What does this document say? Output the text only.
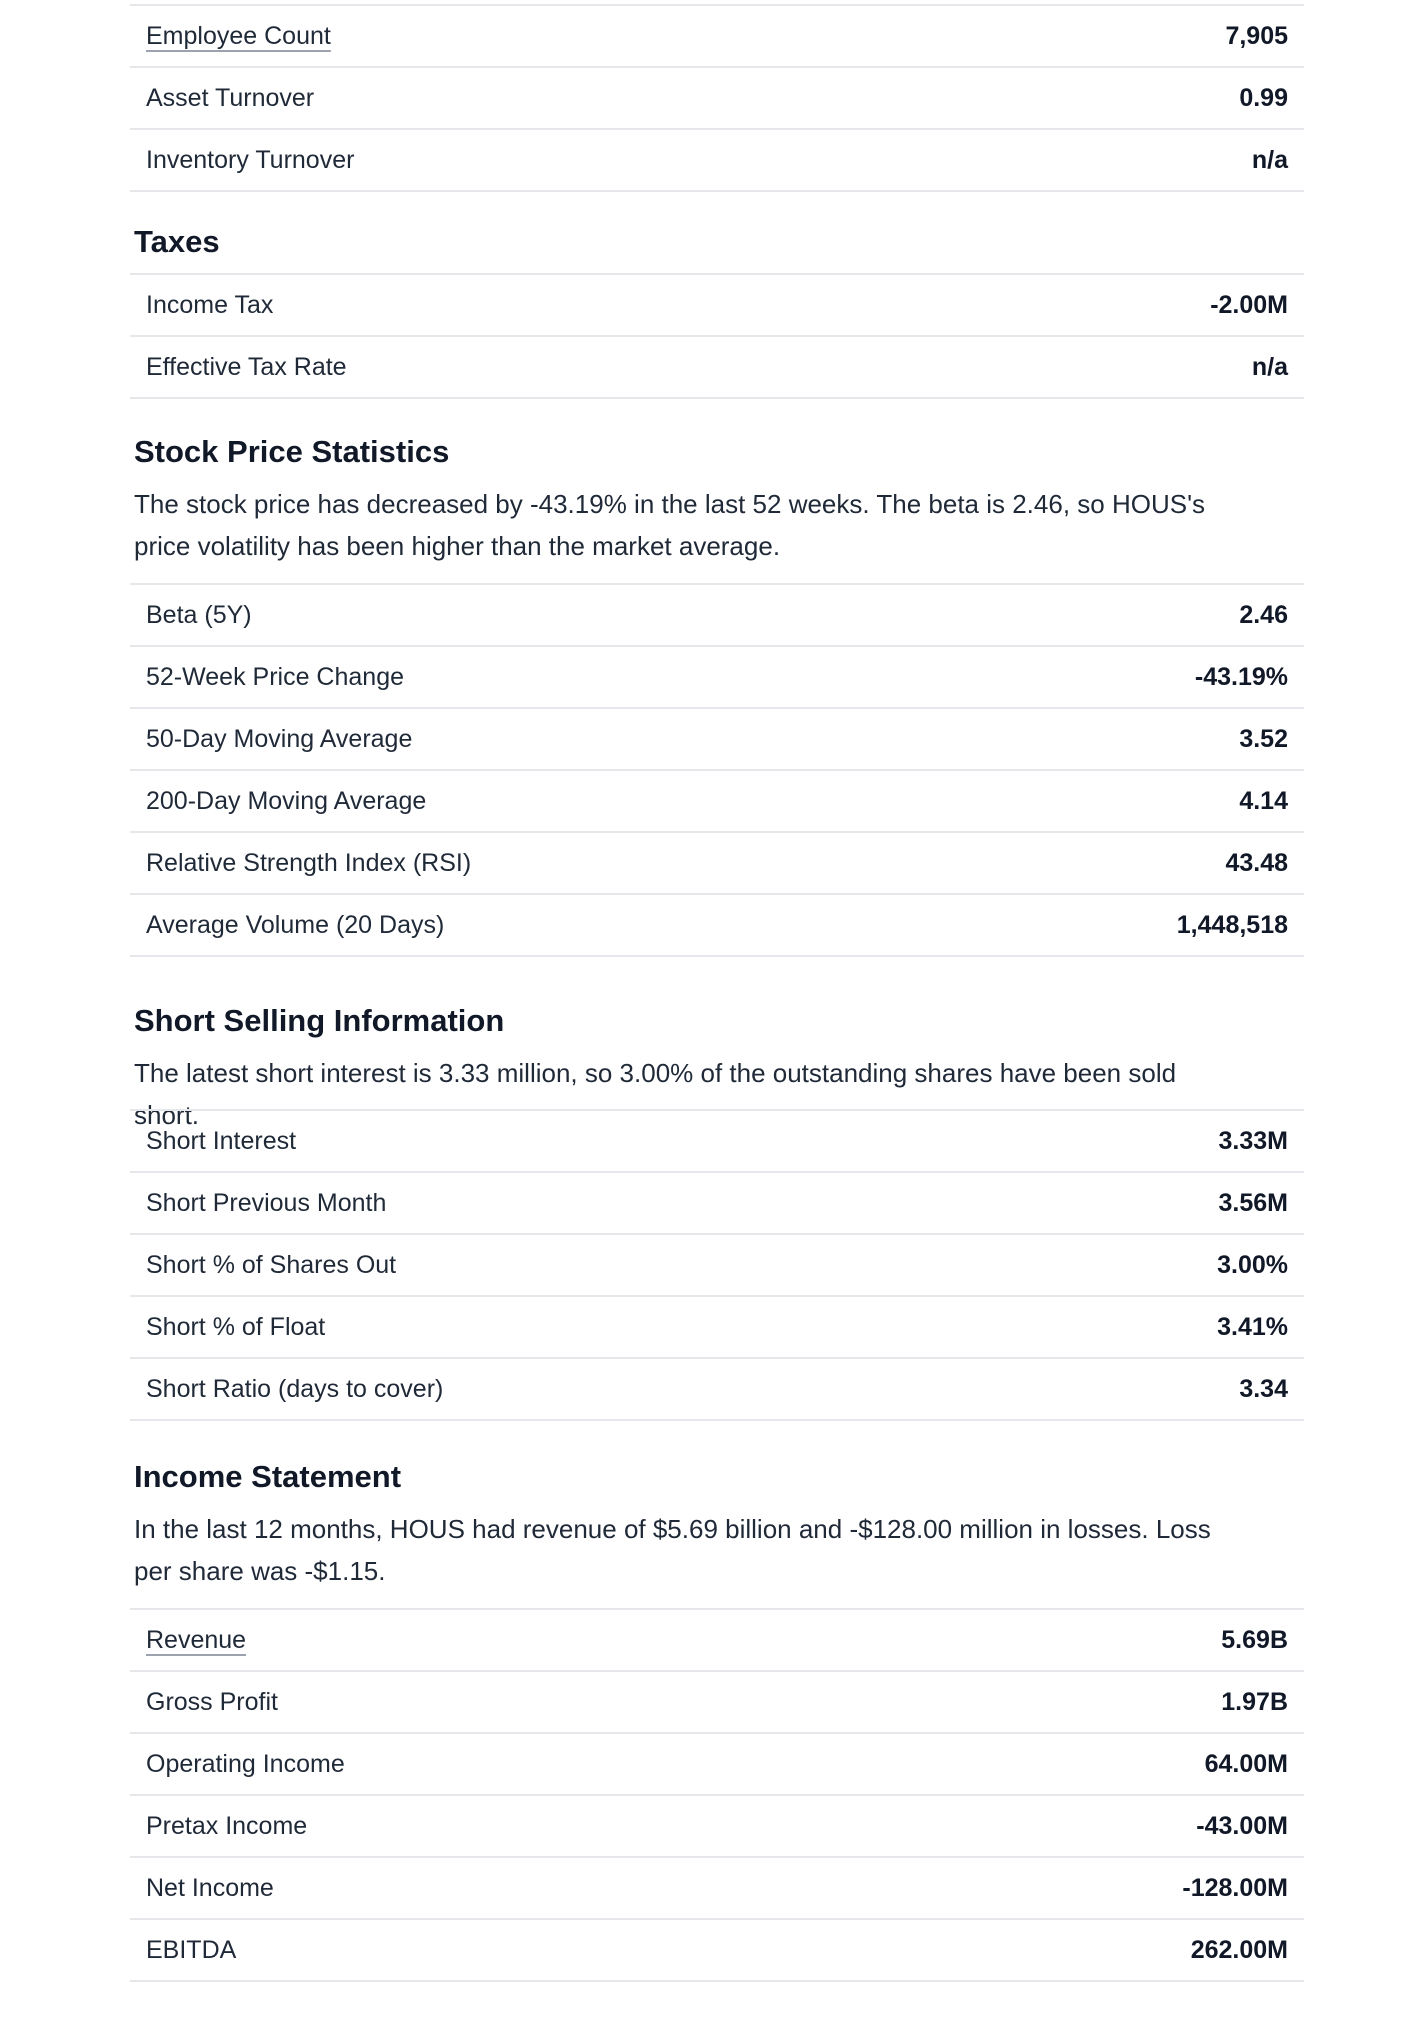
Employee Count	7,905
Asset Turnover	0.99
Inventory Turnover	n/a
Taxes
Income Tax	-2.00M
Effective Tax Rate	n/a
Stock Price Statistics

The stock price has decreased by -43.19% in the last 52 weeks. The beta is 2.46, so HOUS's price volatility has been higher than the market average.

Beta (5Y)	2.46
52-Week Price Change	-43.19%
50-Day Moving Average	3.52
200-Day Moving Average	4.14
Relative Strength Index (RSI)	43.48
Average Volume (20 Days)	1,448,518
Short Selling Information

The latest short interest is 3.33 million, so 3.00% of the outstanding shares have been sold short.

Short Interest	3.33M
Short Previous Month	3.56M
Short % of Shares Out	3.00%
Short % of Float	3.41%
Short Ratio (days to cover)	3.34
Income Statement

In the last 12 months, HOUS had revenue of $5.69 billion and -$128.00 million in losses. Loss per share was -$1.15.

Revenue	5.69B
Gross Profit	1.97B
Operating Income	64.00M
Pretax Income	-43.00M
Net Income	-128.00M
EBITDA	262.00M
